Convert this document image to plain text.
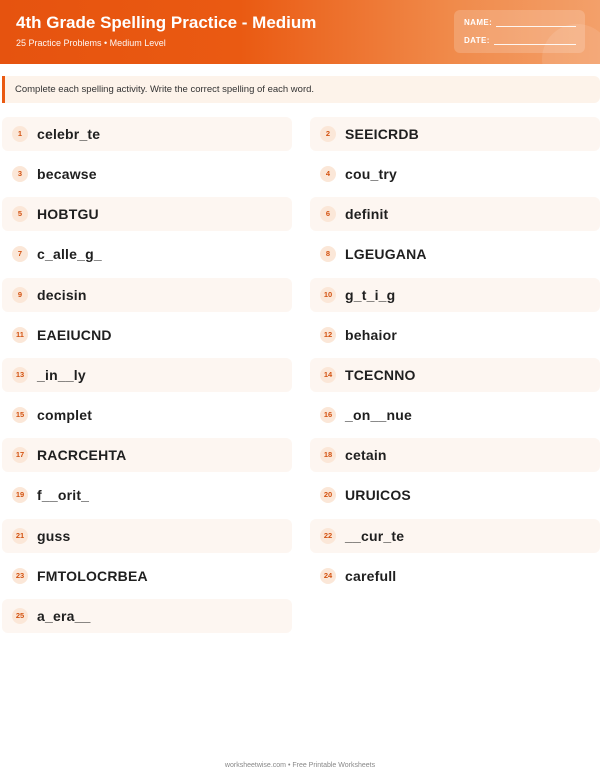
4th Grade Spelling Practice - Medium
25 Practice Problems • Medium Level
NAME:
DATE:
Complete each spelling activity. Write the correct spelling of each word.
1	celebr_te	2	SEEICRDB
3	becawse	4	cou_try
5	HOBTGU	6	definit
7	c_alle_g_	8	LGEUGANA
9	decisin	10 g_t_i_g
11 EAEIUCND	12 behaior
13 _in__ly	14 TCECNNO
15 complet	16 _on__nue
17 RACRCEHTA	18 cetain
19 f__orit_	20 URUICOS
21 guss	22 __cur_te
23 FMTOLOCRBEA	24 carefull
25 a_era__
worksheetwise.com • Free Printable Worksheets
